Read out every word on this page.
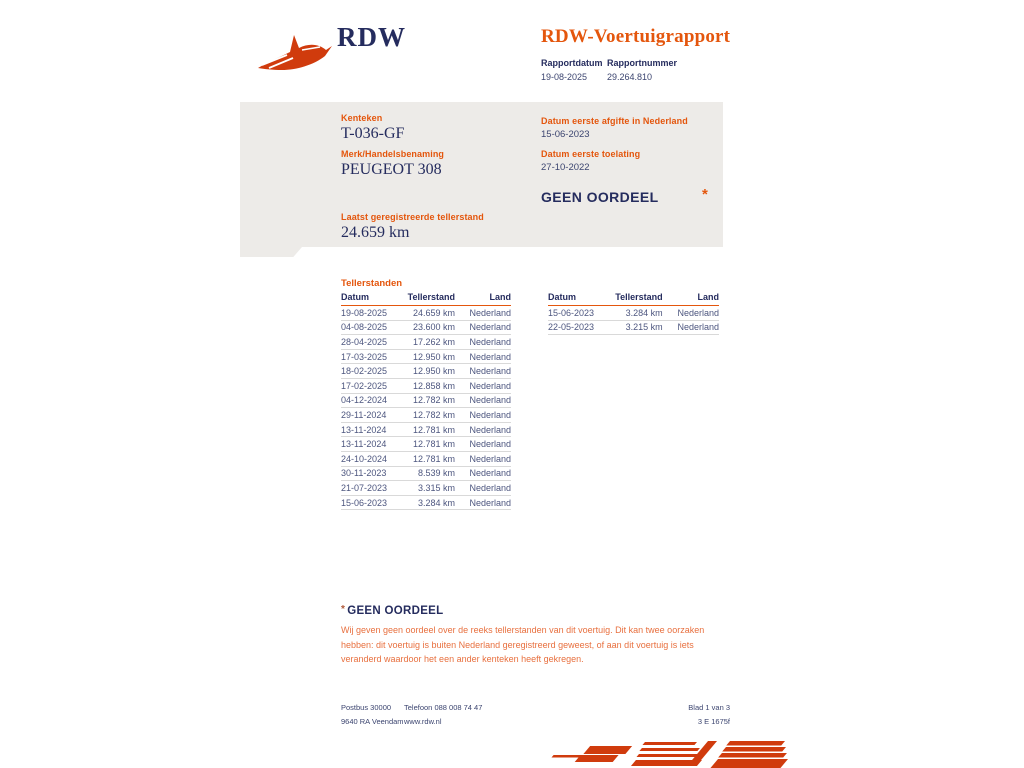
RDW	RDW-Voertuigrapport
Rapportdatum
19-08-2025
Rapportnummer
29.264.810
Kenteken
T-036-GF
Merk/Handelsbenaming
PEUGEOT 308
Laatst geregistreerde tellerstand
24.659 km
Datum eerste afgifte in Nederland
15-06-2023
Datum eerste toelating
27-10-2022
GEEN OORDEEL	*
Tellerstanden
Datum	Tellerstand	Land
19-08-2025	24.659 km	Nederland
04-08-2025	23.600 km	Nederland
28-04-2025	17.262 km	Nederland
17-03-2025	12.950 km	Nederland
18-02-2025	12.950 km	Nederland
17-02-2025	12.858 km	Nederland
04-12-2024	12.782 km	Nederland
29-11-2024	12.782 km	Nederland
13-11-2024	12.781 km	Nederland
13-11-2024	12.781 km	Nederland
24-10-2024	12.781 km	Nederland
30-11-2023	8.539 km	Nederland
21-07-2023	3.315 km	Nederland
15-06-2023	3.284 km	Nederland
Datum	Tellerstand	Land
15-06-2023	3.284 km	Nederland
22-05-2023	3.215 km	Nederland
* GEEN OORDEEL

Wij geven geen oordeel over de reeks tellerstanden van dit voertuig. Dit kan twee oorzaken hebben: dit voertuig is buiten Nederland geregistreerd geweest, of aan dit voertuig is iets veranderd waardoor het een ander kenteken heeft gekregen.

Postbus 30000
9640 RA Veendam
Telefoon 088 008 74 47
www.rdw.nl
Blad 1 van 3
3 E 1675f
